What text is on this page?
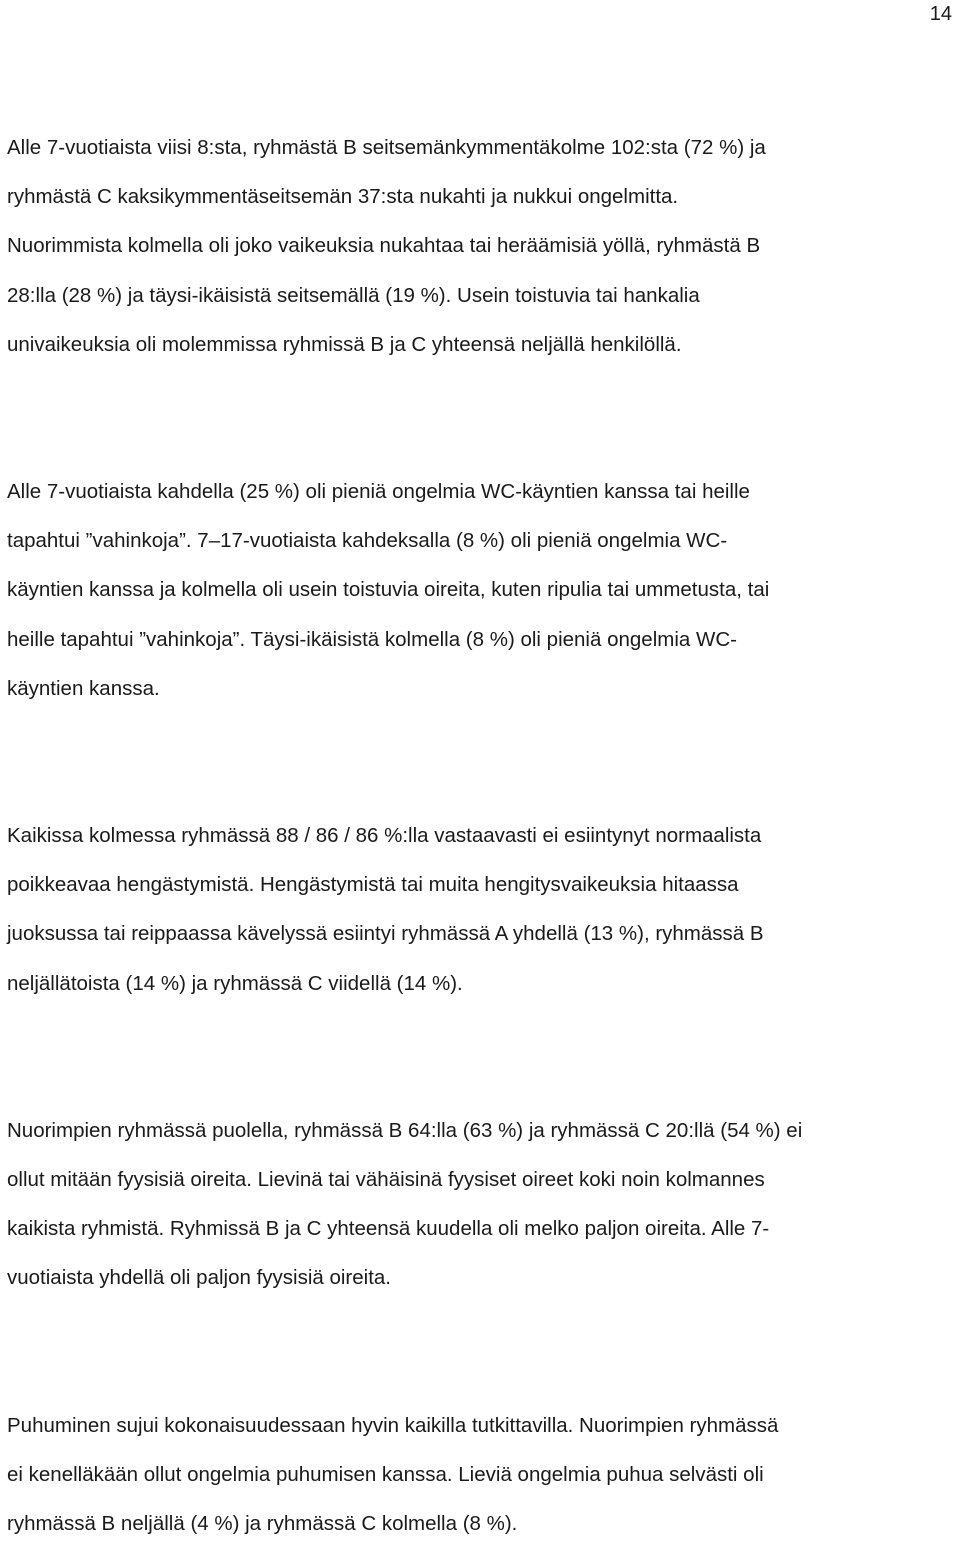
14

Alle 7-vuotiaista viisi 8:sta, ryhmästä B seitsemänkymmentäkolme 102:sta (72 %) ja
ryhmästä C kaksikymmentäseitsemän 37:sta nukahti ja nukkui ongelmitta.
Nuorimmista kolmella oli joko vaikeuksia nukahtaa tai heräämisiä yöllä, ryhmästä B
28:lla (28 %) ja täysi-ikäisistä seitsemällä (19 %). Usein toistuvia tai hankalia
univaikeuksia oli molemmissa ryhmissä B ja C yhteensä neljällä henkilöllä.

Alle 7-vuotiaista kahdella (25 %) oli pieniä ongelmia WC-käyntien kanssa tai heille
tapahtui ”vahinkoja”. 7–17-vuotiaista kahdeksalla (8 %) oli pieniä ongelmia WC-
käyntien kanssa ja kolmella oli usein toistuvia oireita, kuten ripulia tai ummetusta, tai
heille tapahtui ”vahinkoja”. Täysi-ikäisistä kolmella (8 %) oli pieniä ongelmia WC-
käyntien kanssa.

Kaikissa kolmessa ryhmässä 88 / 86 / 86 %:lla vastaavasti ei esiintynyt normaalista
poikkeavaa hengästymistä. Hengästymistä tai muita hengitysvaikeuksia hitaassa
juoksussa tai reippaassa kävelyssä esiintyi ryhmässä A yhdellä (13 %), ryhmässä B
neljällätoista (14 %) ja ryhmässä C viidellä (14 %).

Nuorimpien ryhmässä puolella, ryhmässä B 64:lla (63 %) ja ryhmässä C 20:llä (54 %) ei
ollut mitään fyysisiä oireita. Lievinä tai vähäisinä fyysiset oireet koki noin kolmannes
kaikista ryhmistä. Ryhmissä B ja C yhteensä kuudella oli melko paljon oireita. Alle 7-
vuotiaista yhdellä oli paljon fyysisiä oireita.

Puhuminen sujui kokonaisuudessaan hyvin kaikilla tutkittavilla. Nuorimpien ryhmässä
ei kenelläkään ollut ongelmia puhumisen kanssa. Lieviä ongelmia puhua selvästi oli
ryhmässä B neljällä (4 %) ja ryhmässä C kolmella (8 %).
